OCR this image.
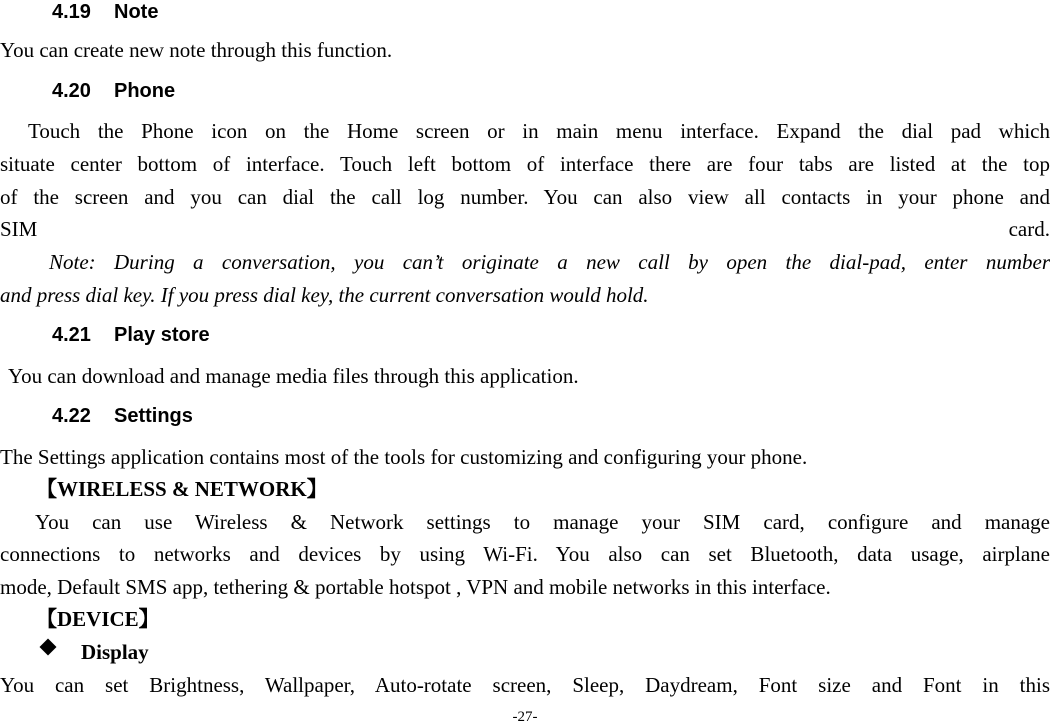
4.19 Note
You can create new note through this function.
4.20 Phone
Touch the Phone icon on the Home screen or in main menu interface. Expand the dial pad which
situate center bottom of interface. Touch left bottom of interface there are four tabs are listed at the top
of the screen and you can dial the call log number. You can also view all contacts in your phone and
SIM	card.
Note: During a conversation, you can’t originate a new call by open the dial-pad, enter number
and press dial key. If you press dial key, the current conversation would hold.
4.21 Play store
You can download and manage media files through this application.
4.22 Settings
The Settings application contains most of the tools for customizing and configuring your phone.
【WIRELESS & NETWORK】
You can use Wireless & Network settings to manage your SIM card, configure and manage
connections to networks and devices by using Wi-Fi. You also can set Bluetooth, data usage, airplane
mode, Default SMS app, tethering & portable hotspot , VPN and mobile networks in this interface.
【DEVICE】
Display
You can set Brightness, Wallpaper, Auto-rotate screen, Sleep, Daydream, Font size and Font in this
-27-
